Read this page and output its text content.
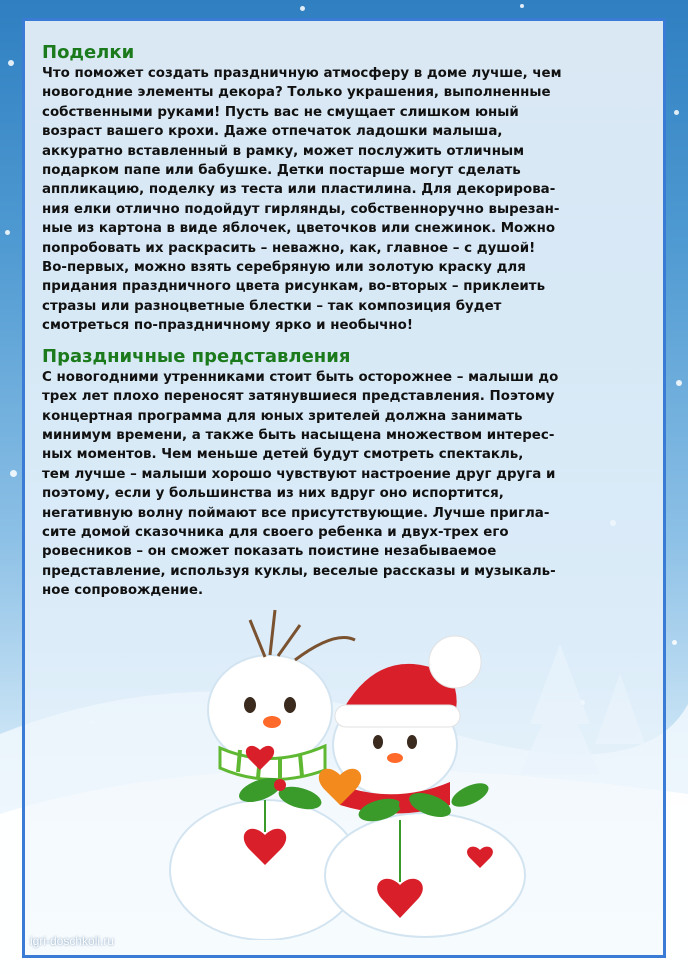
Поделки

Что поможет создать праздничную атмосферу в доме лучше, чем
новогодние элементы декора? Только украшения, выполненные
собственными руками! Пусть вас не смущает слишком юный
возраст вашего крохи. Даже отпечаток ладошки малыша,
аккуратно вставленный в рамку, может послужить отличным
подарком папе или бабушке. Детки постарше могут сделать
аппликацию, поделку из теста или пластилина. Для декорирова-
ния елки отлично подойдут гирлянды, собственноручно вырезан-
ные из картона в виде яблочек, цветочков или снежинок. Можно
попробовать их раскрасить – неважно, как, главное – с душой!
Во-первых, можно взять серебряную или золотую краску для
придания праздничного цвета рисункам, во-вторых – приклеить
стразы или разноцветные блестки – так композиция будет
смотреться по-праздничному ярко и необычно!

Праздничные представления

С новогодними утренниками стоит быть осторожнее – малыши до
трех лет плохо переносят затянувшиеся представления. Поэтому
концертная программа для юных зрителей должна занимать
минимум времени, а также быть насыщена множеством интерес-
ных моментов. Чем меньше детей будут смотреть спектакль,
тем лучше – малыши хорошо чувствуют настроение друг друга и
поэтому, если у большинства из них вдруг оно испортится,
негативную волну поймают все присутствующие. Лучше пригла-
сите домой сказочника для своего ребенка и двух-трех его
ровесников – он сможет показать поистине незабываемое
представление, используя куклы, веселые рассказы и музыкаль-
ное сопровождение.

igri-doschkoli.ru
